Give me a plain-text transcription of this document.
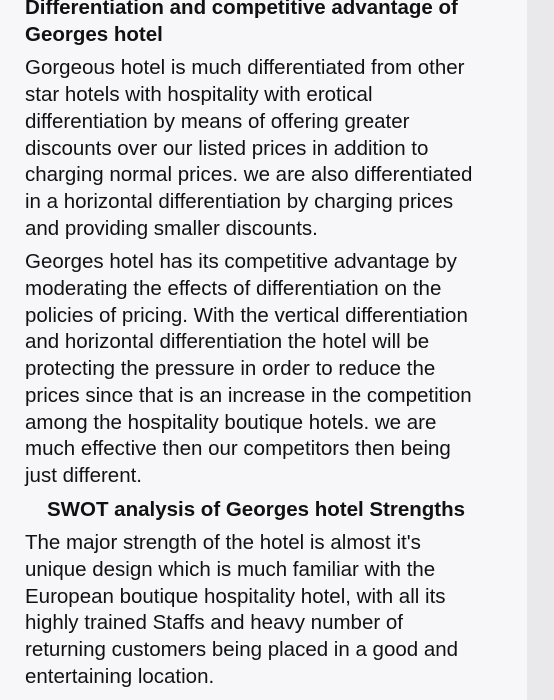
Differentiation and competitive advantage of
Georges hotel
Gorgeous hotel is much differentiated from other
star hotels with hospitality with erotical
differentiation by means of offering greater
discounts over our listed prices in addition to
charging normal prices. we are also differentiated
in a horizontal differentiation by charging prices
and providing smaller discounts.
Georges hotel has its competitive advantage by
moderating the effects of differentiation on the
policies of pricing. With the vertical differentiation
and horizontal differentiation the hotel will be
protecting the pressure in order to reduce the
prices since that is an increase in the competition
among the hospitality boutique hotels. we are
much effective then our competitors then being
just different.
SWOT analysis of Georges hotel Strengths
The major strength of the hotel is almost it's
unique design which is much familiar with the
European boutique hospitality hotel, with all its
highly trained Staffs and heavy number of
returning customers being placed in a good and
entertaining location.
